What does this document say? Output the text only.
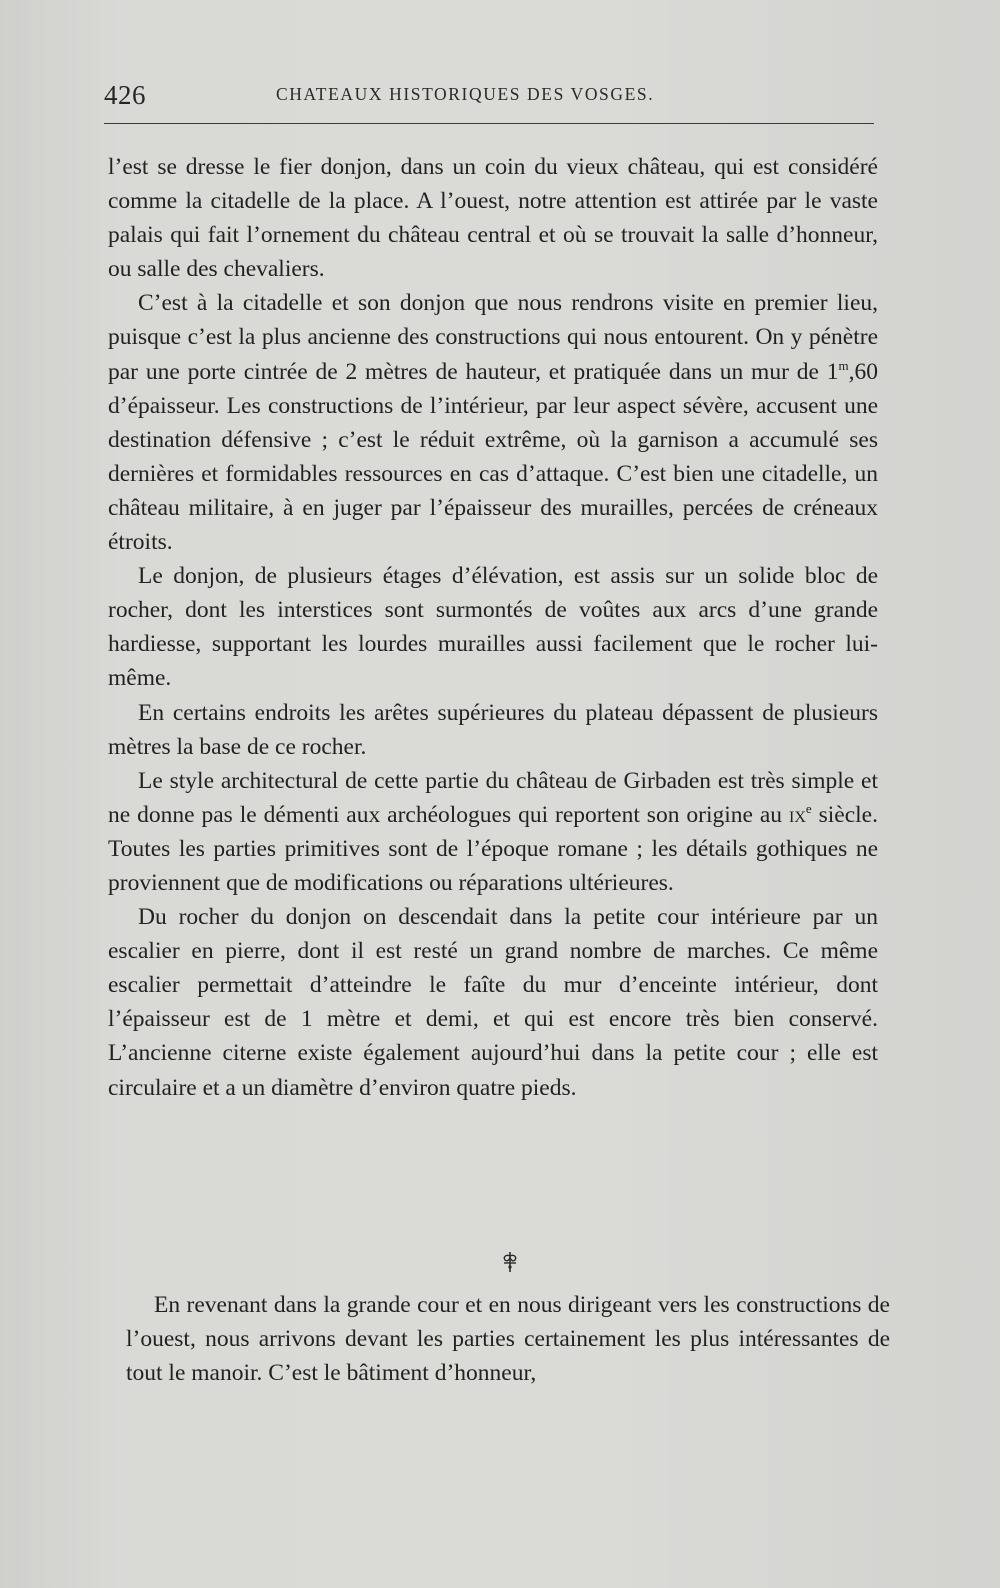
426	CHATEAUX HISTORIQUES DES VOSGES.

l’est se dresse le fier donjon, dans un coin du vieux château, qui est considéré comme la citadelle de la place. A l’ouest, notre attention est attirée par le vaste palais qui fait l’ornement du château central et où se trouvait la salle d’honneur, ou salle des chevaliers.

C’est à la citadelle et son donjon que nous rendrons visite en premier lieu, puisque c’est la plus ancienne des constructions qui nous entourent. On y pénètre par une porte cintrée de 2 mètres de hauteur, et pratiquée dans un mur de 1$^m$,60 d’épaisseur. Les constructions de l’intérieur, par leur aspect sévère, accusent une destination défensive ; c’est le réduit extrême, où la garnison a accumulé ses dernières et formidables ressources en cas d’attaque. C’est bien une citadelle, un château militaire, à en juger par l’épaisseur des murailles, percées de créneaux étroits.

Le donjon, de plusieurs étages d’élévation, est assis sur un solide bloc de rocher, dont les interstices sont surmontés de voûtes aux arcs d’une grande hardiesse, supportant les lourdes murailles aussi facilement que le rocher lui-même.

En certains endroits les arêtes supérieures du plateau dépassent de plusieurs mètres la base de ce rocher.

Le style architectural de cette partie du château de Girbaden est très simple et ne donne pas le démenti aux archéologues qui reportent son origine au $ix^e$ siècle. Toutes les parties primitives sont de l’époque romane ; les détails gothiques ne proviennent que de modifications ou réparations ultérieures.

Du rocher du donjon on descendait dans la petite cour intérieure par un escalier en pierre, dont il est resté un grand nombre de marches. Ce même escalier permettait d’atteindre le faîte du mur d’enceinte intérieur, dont l’épaisseur est de 1 mètre et demi, et qui est encore très bien conservé. L’ancienne citerne existe également aujourd’hui dans la petite cour ; elle est circulaire et a un diamètre d’environ quatre pieds.

En revenant dans la grande cour et en nous dirigeant vers les constructions de l’ouest, nous arrivons devant les parties certainement les plus intéressantes de tout le manoir. C’est le bâtiment d’honneur,
